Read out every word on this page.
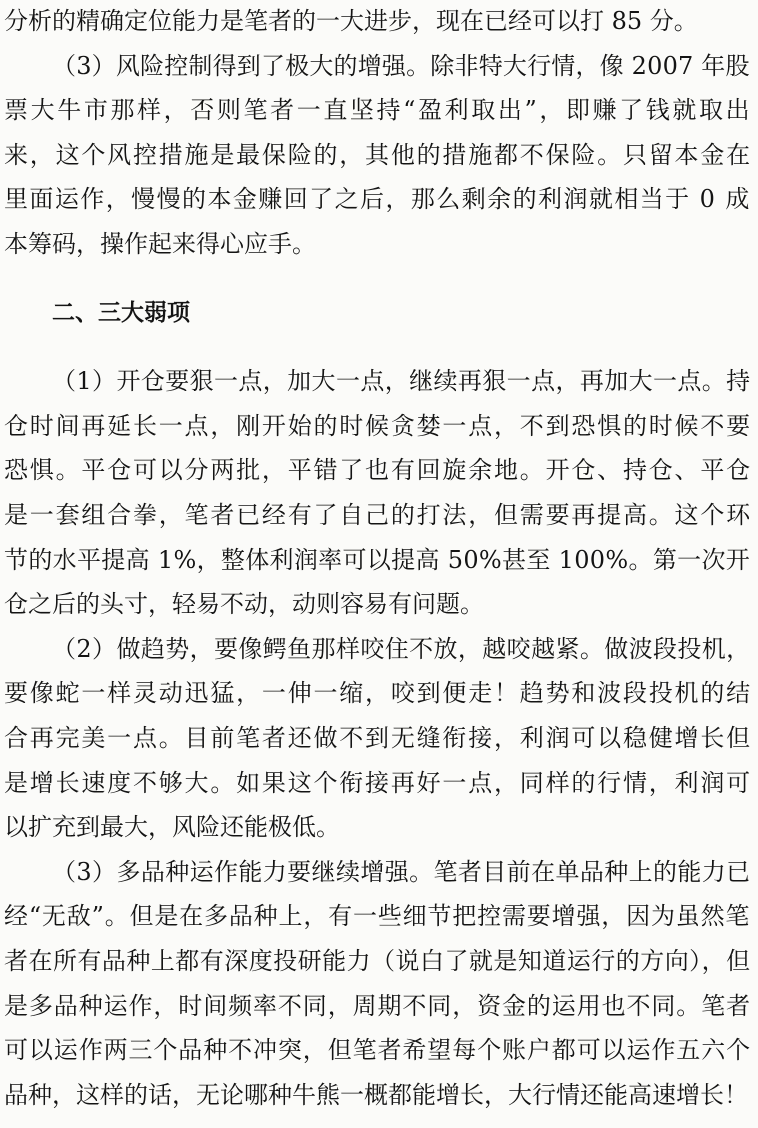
分析的精确定位能力是笔者的一大进步，现在已经可以打 85 分。
（3）风险控制得到了极大的增强。除非特大行情，像 2007 年股
票大牛市那样，否则笔者一直坚持“盈利取出”，即赚了钱就取出
来，这个风控措施是最保险的，其他的措施都不保险。只留本金在
里面运作，慢慢的本金赚回了之后，那么剩余的利润就相当于 0 成
本筹码，操作起来得心应手。
二、三大弱项
（1）开仓要狠一点，加大一点，继续再狠一点，再加大一点。持
仓时间再延长一点，刚开始的时候贪婪一点，不到恐惧的时候不要
恐惧。平仓可以分两批，平错了也有回旋余地。开仓、持仓、平仓
是一套组合拳，笔者已经有了自己的打法，但需要再提高。这个环
节的水平提高 1%，整体利润率可以提高 50%甚至 100%。第一次开
仓之后的头寸，轻易不动，动则容易有问题。
（2）做趋势，要像鳄鱼那样咬住不放，越咬越紧。做波段投机，
要像蛇一样灵动迅猛，一伸一缩，咬到便走！趋势和波段投机的结
合再完美一点。目前笔者还做不到无缝衔接，利润可以稳健增长但
是增长速度不够大。如果这个衔接再好一点，同样的行情，利润可
以扩充到最大，风险还能极低。
（3）多品种运作能力要继续增强。笔者目前在单品种上的能力已
经“无敌”。但是在多品种上，有一些细节把控需要增强，因为虽然笔
者在所有品种上都有深度投研能力（说白了就是知道运行的方向），但
是多品种运作，时间频率不同，周期不同，资金的运用也不同。笔者
可以运作两三个品种不冲突，但笔者希望每个账户都可以运作五六个
品种，这样的话，无论哪种牛熊一概都能增长，大行情还能高速增长！
